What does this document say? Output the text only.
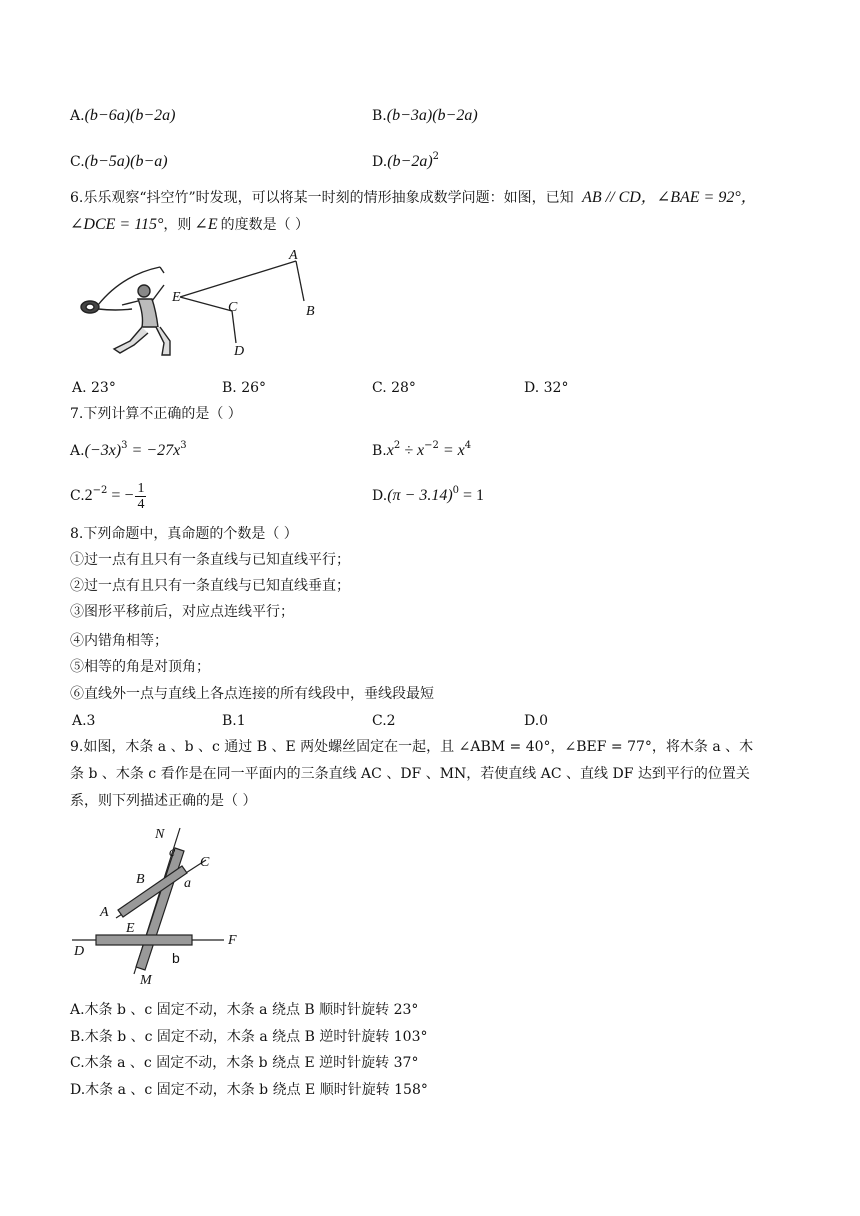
A.(b−6a)(b−2a)	B.(b−3a)(b−2a)
C.(b−5a)(b−a)	$D.(b-2a)^2$
6.乐乐观察“抖空竹”时发现，可以将某一时刻的情形抽象成数学问题：如图，已知 AB // CD，∠BAE = 92°，
∠DCE = 115°，则 ∠E 的度数是（ ）
E
A
B
C
D
A. 23°	B. 26°	C. 28°	D. 32°
7.下列计算不正确的是（ ）
$A.(-3x)^3 = -27x^3$	$B.x^2 \div x^{-2} = x^4$
$C.2^{-2}$ = − $\frac{1}{4}$	$D.(\pi - 3.14)^0 = 1$
8.下列命题中，真命题的个数是（ ）
①过一点有且只有一条直线与已知直线平行；
②过一点有且只有一条直线与已知直线垂直；
③图形平移前后，对应点连线平行；
④内错角相等；
⑤相等的角是对顶角；
⑥直线外一点与直线上各点连接的所有线段中，垂线段最短
A.3	B.1	C.2	D.0
9.如图，木条 a 、b 、c 通过 B 、E 两处螺丝固定在一起，且 ∠ABM = 40°，∠BEF = 77°，将木条 a 、木
条 b 、木条 c 看作是在同一平面内的三条直线 AC 、DF 、MN，若使直线 AC 、直线 DF 达到平行的位置关
系，则下列描述正确的是（ ）
N
c
C
B	a
A
E
D
F
b
M
A.木条 b 、c 固定不动，木条 a 绕点 B 顺时针旋转 23°
B.木条 b 、c 固定不动，木条 a 绕点 B 逆时针旋转 103°
C.木条 a 、c 固定不动，木条 b 绕点 E 逆时针旋转 37°
D.木条 a 、c 固定不动，木条 b 绕点 E 顺时针旋转 158°
